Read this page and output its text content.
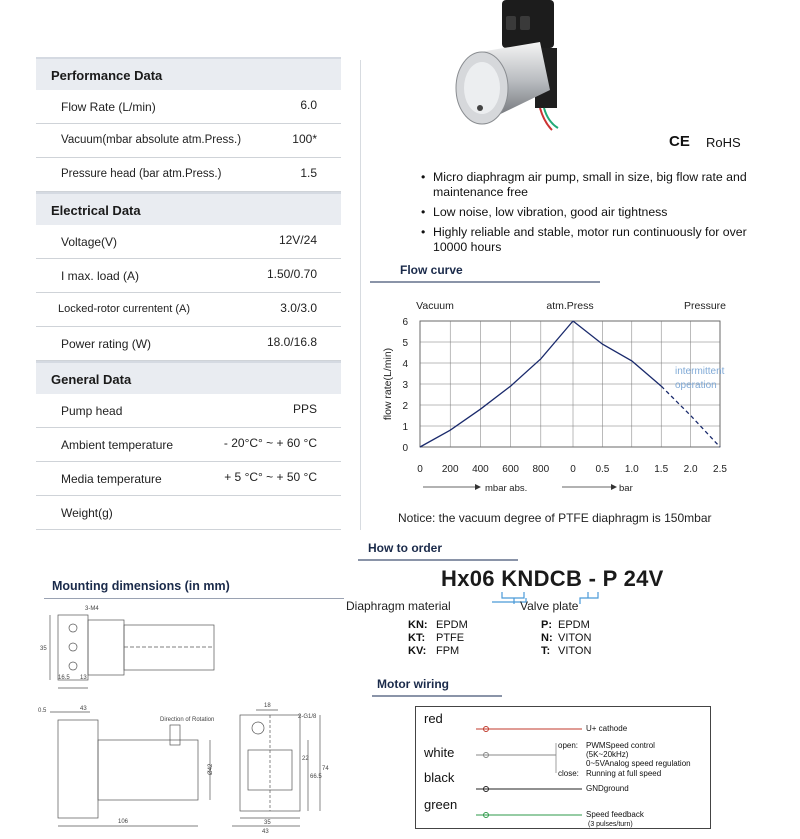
Performance Data
Flow Rate (L/min)	6.0
Vacuum(mbar absolute atm.Press.)	100*
Pressure head (bar atm.Press.)	1.5
Electrical Data
Voltage(V)	12V/24
I max. load (A)	1.50/0.70
Locked-rotor currentent (A)	3.0/3.0
Power rating (W)	18.0/16.8
General Data
Pump head	PPS
Ambient temperature	- 20°C° ~ + 60 °C
Media temperature	+ 5 °C° ~ + 50 °C
Weight(g)
CE RoHS
• Micro diaphragm air pump, small in size, big flow rate and maintenance free
• Low noise, low vibration, good air tightness
• Highly reliable and stable, motor run continuously for over 10000 hours
Flow curve
0
1
2
3
4
5
6
0 200 400 600 800 0 0.5 1.0 1.5 2.0 2.5
Vacuum	atm.Press	Pressure
flow rate(L/min)	intermittent
operation
mbar abs.	bar
Notice: the vacuum degree of PTFE diaphragm is 150mbar
How to order
Hx06 KNDCB - P 24V
Diaphragm material	Valve plate
KN: EPDM
KT: PTFE
KV: FPM
P: EPDM
N: VITON
T: VITON
Motor wiring
red
white
black
green
U+ cathode
open: PWMSpeed control
(5K~20kHz)
0~5VAnalog speed regulation
close: Running at full speed
GNDground
Speed feedback
(3 pulses/turn)
Mounting dimensions (in mm)
3-M4
35
16.5 13
0.5	43
Ø42
106
Direction of Rotation
18
2-G1/8
22
66.5
74
35
43
